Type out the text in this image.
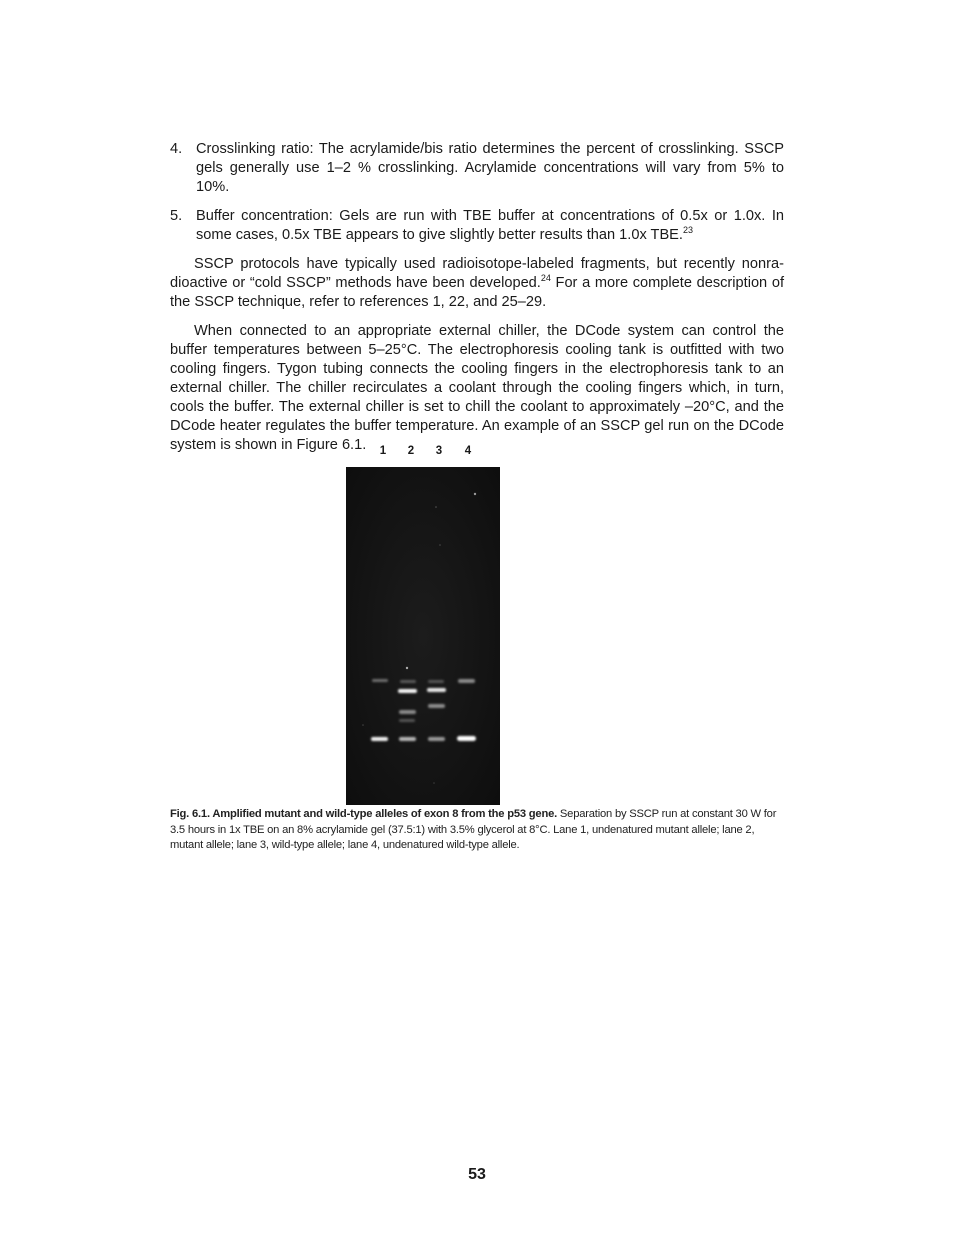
4. Crosslinking ratio: The acrylamide/bis ratio determines the percent of crosslinking. SSCP gels generally use 1–2 % crosslinking. Acrylamide concentrations will vary from 5% to 10%.
5. Buffer concentration: Gels are run with TBE buffer at concentrations of 0.5x or 1.0x. In some cases, 0.5x TBE appears to give slightly better results than 1.0x TBE.$^{23}$

SSCP protocols have typically used radioisotope-labeled fragments, but recently nonradioactive or “cold SSCP” methods have been developed.$^{24}$ For a more complete description of the SSCP technique, refer to references 1, 22, and 25–29.

When connected to an appropriate external chiller, the DCode system can control the buffer temperatures between 5–25°C. The electrophoresis cooling tank is outfitted with two cooling fingers. Tygon tubing connects the cooling fingers in the electrophoresis tank to an external chiller. The chiller recirculates a coolant through the cooling fingers which, in turn, cools the buffer. The external chiller is set to chill the coolant to approximately –20°C, and the DCode heater regulates the buffer temperature. An example of an SSCP gel run on the DCode system is shown in Figure 6.1.	1	2	3	4
Fig. 6.1. Amplified mutant and wild-type alleles of exon 8 from the p53 gene. Separation by SSCP run at constant 30 W for 3.5 hours in 1x TBE on an 8% acrylamide gel (37.5:1) with 3.5% glycerol at 8°C. Lane 1, undenatured mutant allele; lane 2, mutant allele; lane 3, wild-type allele; lane 4, undenatured wild-type allele.
53
